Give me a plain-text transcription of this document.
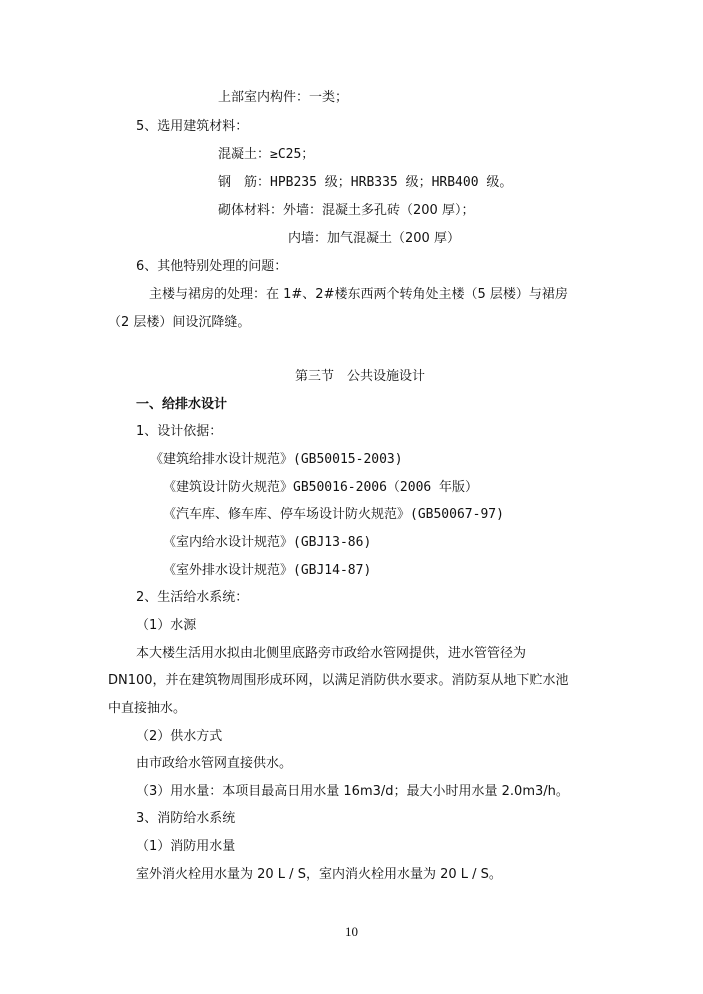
上部室内构件：一类；
5、选用建筑材料：
混凝土：≥C25；
钢　筋：HPB235 级；HRB335 级；HRB400 级。
砌体材料：外墙：混凝土多孔砖（200 厚）；
内墙：加气混凝土（200 厚）
6、其他特别处理的问题：
主楼与裙房的处理：在 1#、2#楼东西两个转角处主楼（5 层楼）与裙房
（2 层楼）间设沉降缝。
第三节　公共设施设计
一、给排水设计
1、设计依据：
《建筑给排水设计规范》(GB50015-2003)
《建筑设计防火规范》GB50016-2006（2006 年版）
《汽车库、修车库、停车场设计防火规范》(GB50067-97)
《室内给水设计规范》(GBJ13-86)
《室外排水设计规范》(GBJ14-87)
2、生活给水系统：
（1）水源
本大楼生活用水拟由北侧里底路旁市政给水管网提供，进水管管径为
DN100，并在建筑物周围形成环网，以满足消防供水要求。消防泵从地下贮水池
中直接抽水。
（2）供水方式
由市政给水管网直接供水。
（3）用水量：本项目最高日用水量 16m3/d；最大小时用水量 2.0m3/h。
3、消防给水系统
（1）消防用水量
室外消火栓用水量为 20 L / S，室内消火栓用水量为 20 L / S。
10
